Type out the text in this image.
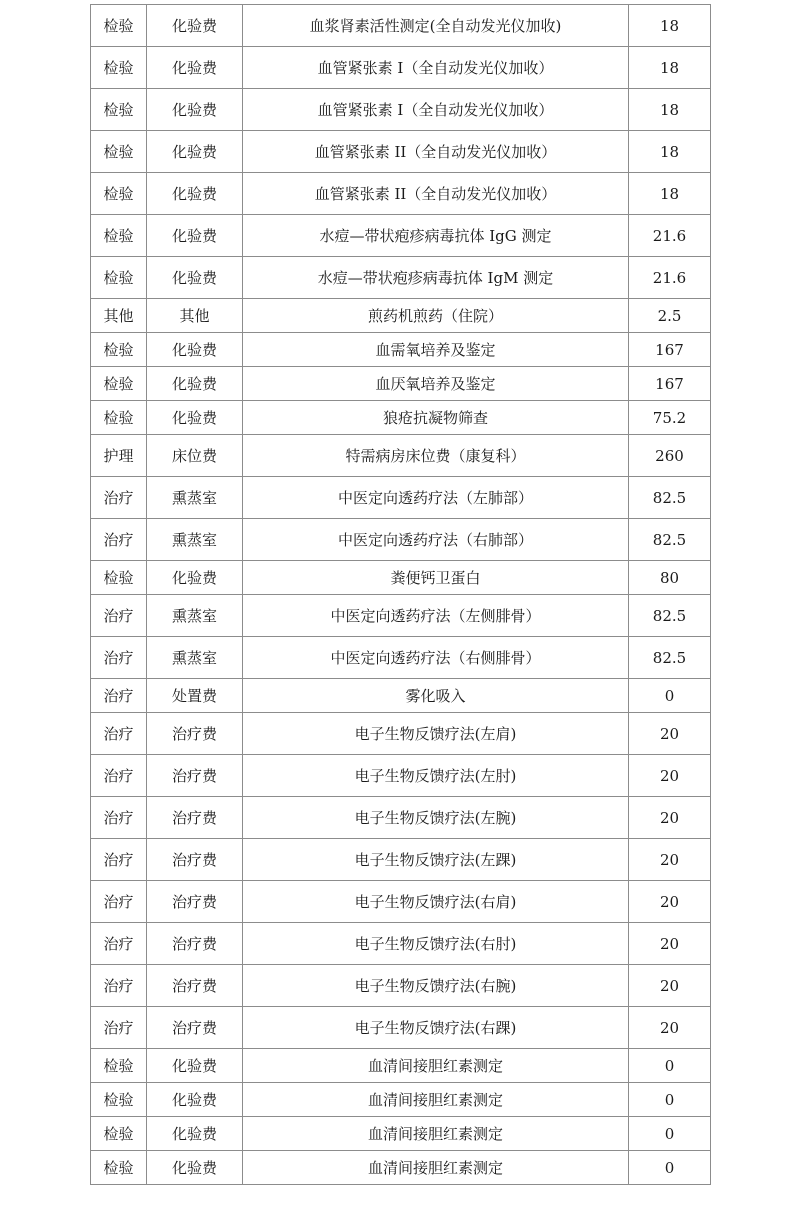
检验	化验费	血浆肾素活性测定(全自动发光仪加收)	18
检验	化验费	血管紧张素 I（全自动发光仪加收）	18
检验	化验费	血管紧张素 I（全自动发光仪加收）	18
检验	化验费	血管紧张素 II（全自动发光仪加收）	18
检验	化验费	血管紧张素 II（全自动发光仪加收）	18
检验	化验费	水痘—带状疱疹病毒抗体 IgG 测定	21.6
检验	化验费	水痘—带状疱疹病毒抗体 IgM 测定	21.6
其他	其他	煎药机煎药（住院）	2.5
检验	化验费	血需氧培养及鉴定	167
检验	化验费	血厌氧培养及鉴定	167
检验	化验费	狼疮抗凝物筛查	75.2
护理	床位费	特需病房床位费（康复科）	260
治疗	熏蒸室	中医定向透药疗法（左肺部）	82.5
治疗	熏蒸室	中医定向透药疗法（右肺部）	82.5
检验	化验费	粪便钙卫蛋白	80
治疗	熏蒸室	中医定向透药疗法（左侧腓骨）	82.5
治疗	熏蒸室	中医定向透药疗法（右侧腓骨）	82.5
治疗	处置费	雾化吸入	0
治疗	治疗费	电子生物反馈疗法(左肩)	20
治疗	治疗费	电子生物反馈疗法(左肘)	20
治疗	治疗费	电子生物反馈疗法(左腕)	20
治疗	治疗费	电子生物反馈疗法(左踝)	20
治疗	治疗费	电子生物反馈疗法(右肩)	20
治疗	治疗费	电子生物反馈疗法(右肘)	20
治疗	治疗费	电子生物反馈疗法(右腕)	20
治疗	治疗费	电子生物反馈疗法(右踝)	20
检验	化验费	血清间接胆红素测定	0
检验	化验费	血清间接胆红素测定	0
检验	化验费	血清间接胆红素测定	0
检验	化验费	血清间接胆红素测定	0
